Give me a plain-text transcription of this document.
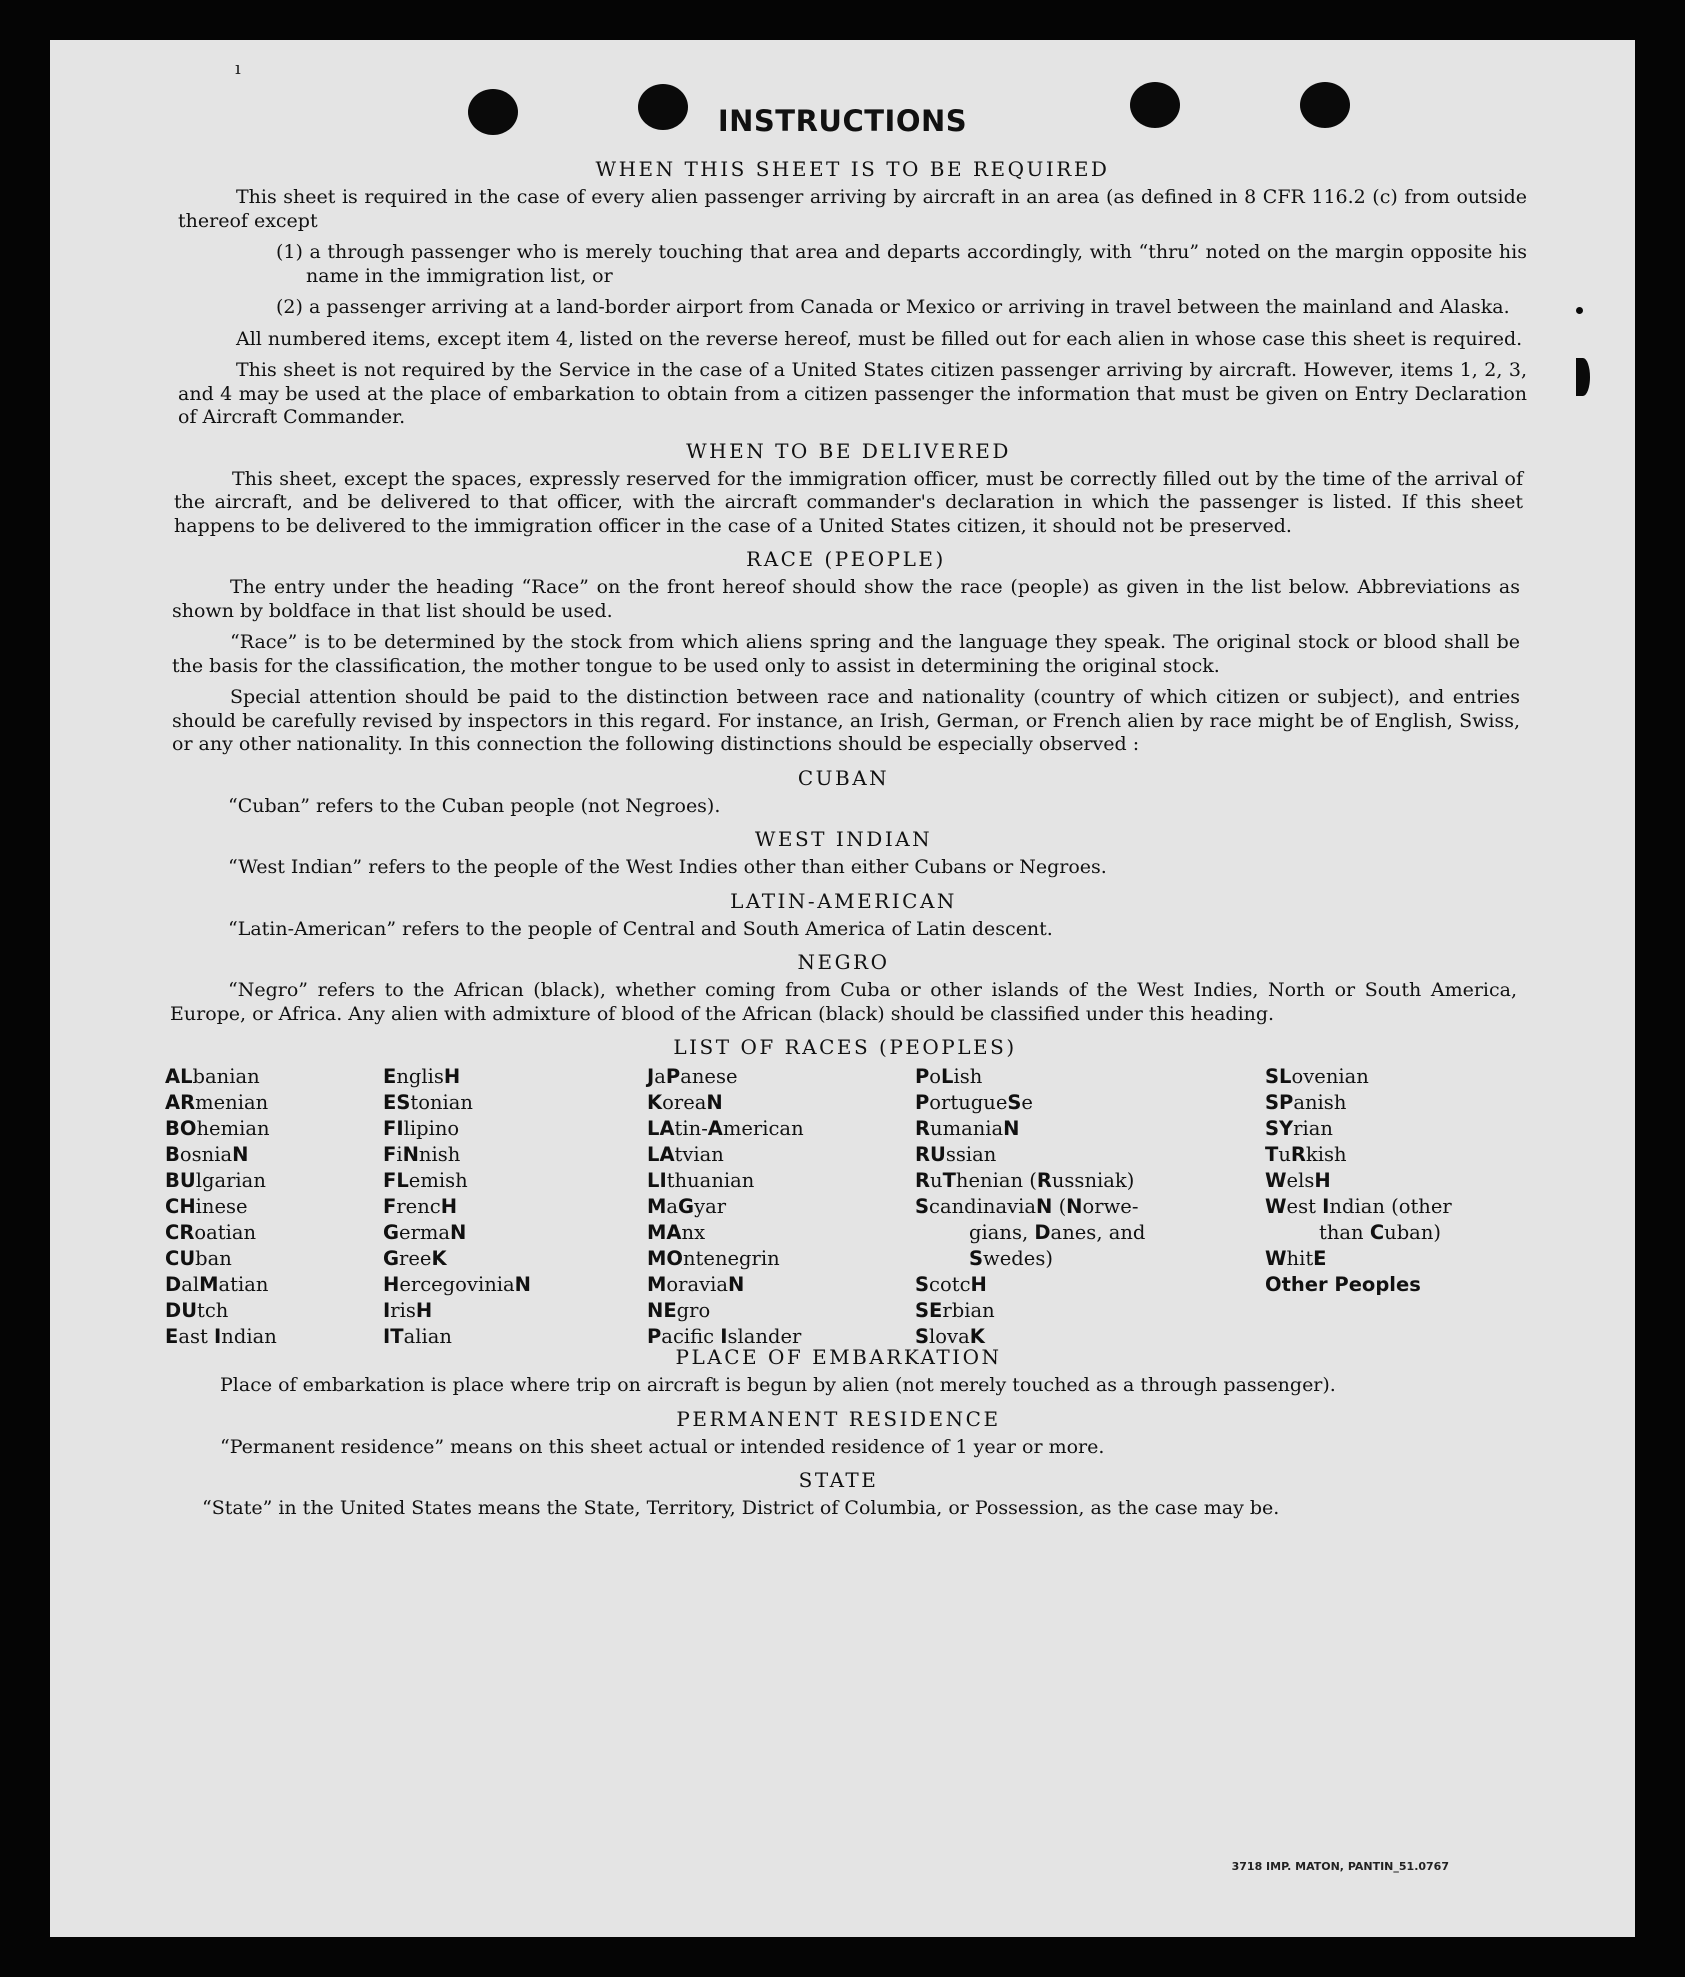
ı
INSTRUCTIONS
WHEN THIS SHEET IS TO BE REQUIRED

This sheet is required in the case of every alien passenger arriving by aircraft in an area (as defined in 8 CFR 116.2 (c) from outside thereof except

(1) a through passenger who is merely touching that area and departs accordingly, with “thru” noted on the margin opposite his name in the immigration list, or

(2) a passenger arriving at a land-border airport from Canada or Mexico or arriving in travel between the mainland and Alaska.

All numbered items, except item 4, listed on the reverse hereof, must be filled out for each alien in whose case this sheet is required.

This sheet is not required by the Service in the case of a United States citizen passenger arriving by aircraft. However, items 1, 2, 3, and 4 may be used at the place of embarkation to obtain from a citizen passenger the information that must be given on Entry Declaration of Aircraft Commander.

WHEN TO BE DELIVERED

This sheet, except the spaces, expressly reserved for the immigration officer, must be correctly filled out by the time of the arrival of the aircraft, and be delivered to that officer, with the aircraft commander's declaration in which the passenger is listed. If this sheet happens to be delivered to the immigration officer in the case of a United States citizen, it should not be preserved.

RACE (PEOPLE)

The entry under the heading “Race” on the front hereof should show the race (people) as given in the list below. Abbreviations as shown by boldface in that list should be used.

“Race” is to be determined by the stock from which aliens spring and the language they speak. The original stock or blood shall be the basis for the classification, the mother tongue to be used only to assist in determining the original stock.

Special attention should be paid to the distinction between race and nationality (country of which citizen or subject), and entries should be carefully revised by inspectors in this regard. For instance, an Irish, German, or French alien by race might be of English, Swiss, or any other nationality. In this connection the following distinctions should be especially observed :

CUBAN

“Cuban” refers to the Cuban people (not Negroes).

WEST INDIAN

“West Indian” refers to the people of the West Indies other than either Cubans or Negroes.

LATIN-AMERICAN

“Latin-American” refers to the people of Central and South America of Latin descent.

NEGRO

“Negro” refers to the African (black), whether coming from Cuba or other islands of the West Indies, North or South America, Europe, or Africa. Any alien with admixture of blood of the African (black) should be classified under this heading.

LIST OF RACES (PEOPLES)
ALbanian
ARmenian
BOhemian
BosniaN
BUlgarian
CHinese
CRoatian
CUban
DalMatian
DUtch
East Indian
EnglisH
EStonian
FIlipino
FiNnish
FLemish
FrencH
GermaN
GreeK
HercegoviniaN
IrisH
ITalian
JaPanese
KoreaN
LAtin-American
LAtvian
LIthuanian
MaGyar
MAnx
MOntenegrin
MoraviaN
NEgro
Pacifc Islander
PoLish
PortugueSe
RumaniaN
RUssian
RuThenian (Russniak)
ScandinaviaN (Norwe-
gians, Danes, and
Swedes)
ScotcH
SErbian
SlovaK
SLovenian
SPanish
SYrian
TuRkish
WelsH
West Indian (other
than Cuban)
WhitE
Other Peoples
PLACE OF EMBARKATION

Place of embarkation is place where trip on aircraft is begun by alien (not merely touched as a through passenger).

PERMANENT RESIDENCE

“Permanent residence” means on this sheet actual or intended residence of 1 year or more.

STATE

“State” in the United States means the State, Territory, District of Columbia, or Possession, as the case may be.

3718 IMP. MATON, PANTIN_51.0767
